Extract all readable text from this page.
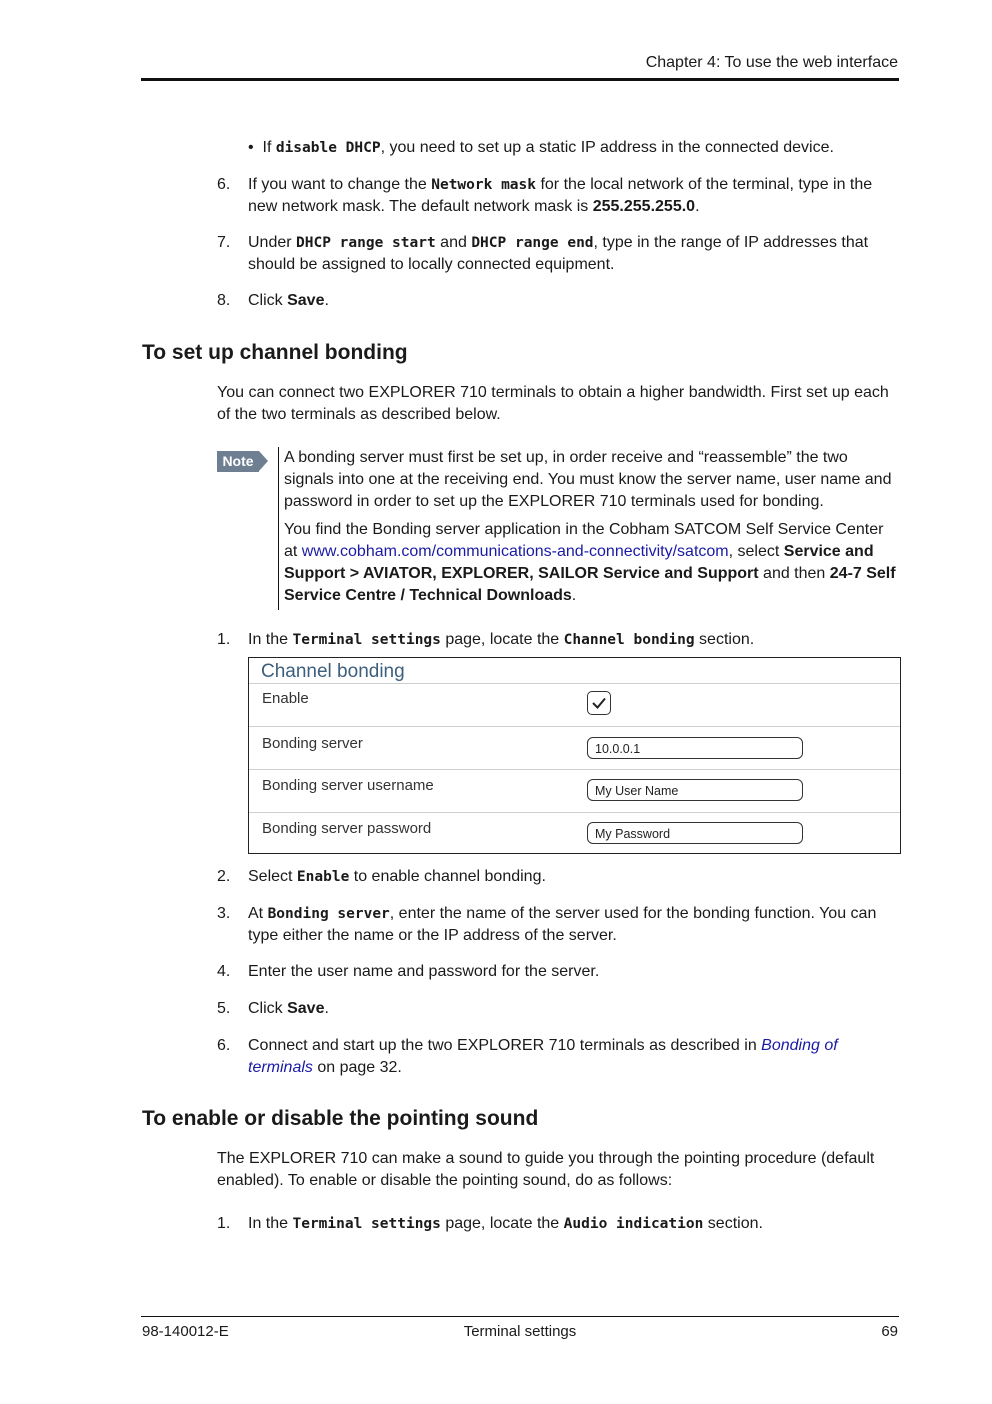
Chapter 4: To use the web interface
•  If disable DHCP, you need to set up a static IP address in the connected device.
6. If you want to change the Network mask for the local network of the terminal, type in the new network mask. The default network mask is 255.255.255.0.
7. Under DHCP range start and DHCP range end, type in the range of IP addresses that should be assigned to locally connected equipment.
8. Click Save.
To set up channel bonding
You can connect two EXPLORER 710 terminals to obtain a higher bandwidth. First set up each of the two terminals as described below.
Note	A bonding server must first be set up, in order receive and “reassemble” the two signals into one at the receiving end. You must know the server name, user name and password in order to set up the EXPLORER 710 terminals used for bonding.
You find the Bonding server application in the Cobham SATCOM Self Service Center at www.cobham.com/communications-and-connectivity/satcom, select Service and Support > AVIATOR, EXPLORER, SAILOR Service and Support and then 24-7 Self Service Centre / Technical Downloads.
1. In the Terminal settings page, locate the Channel bonding section.
Channel bonding
Enable
Bonding server	10.0.0.1
Bonding server username	My User Name
Bonding server password	My Password
2. Select Enable to enable channel bonding.
3. At Bonding server, enter the name of the server used for the bonding function. You can type either the name or the IP address of the server.
4. Enter the user name and password for the server.
5. Click Save.
6. Connect and start up the two EXPLORER 710 terminals as described in Bonding of terminals on page 32.
To enable or disable the pointing sound
The EXPLORER 710 can make a sound to guide you through the pointing procedure (default enabled). To enable or disable the pointing sound, do as follows:
1. In the Terminal settings page, locate the Audio indication section.
98-140012-E	Terminal settings	69
